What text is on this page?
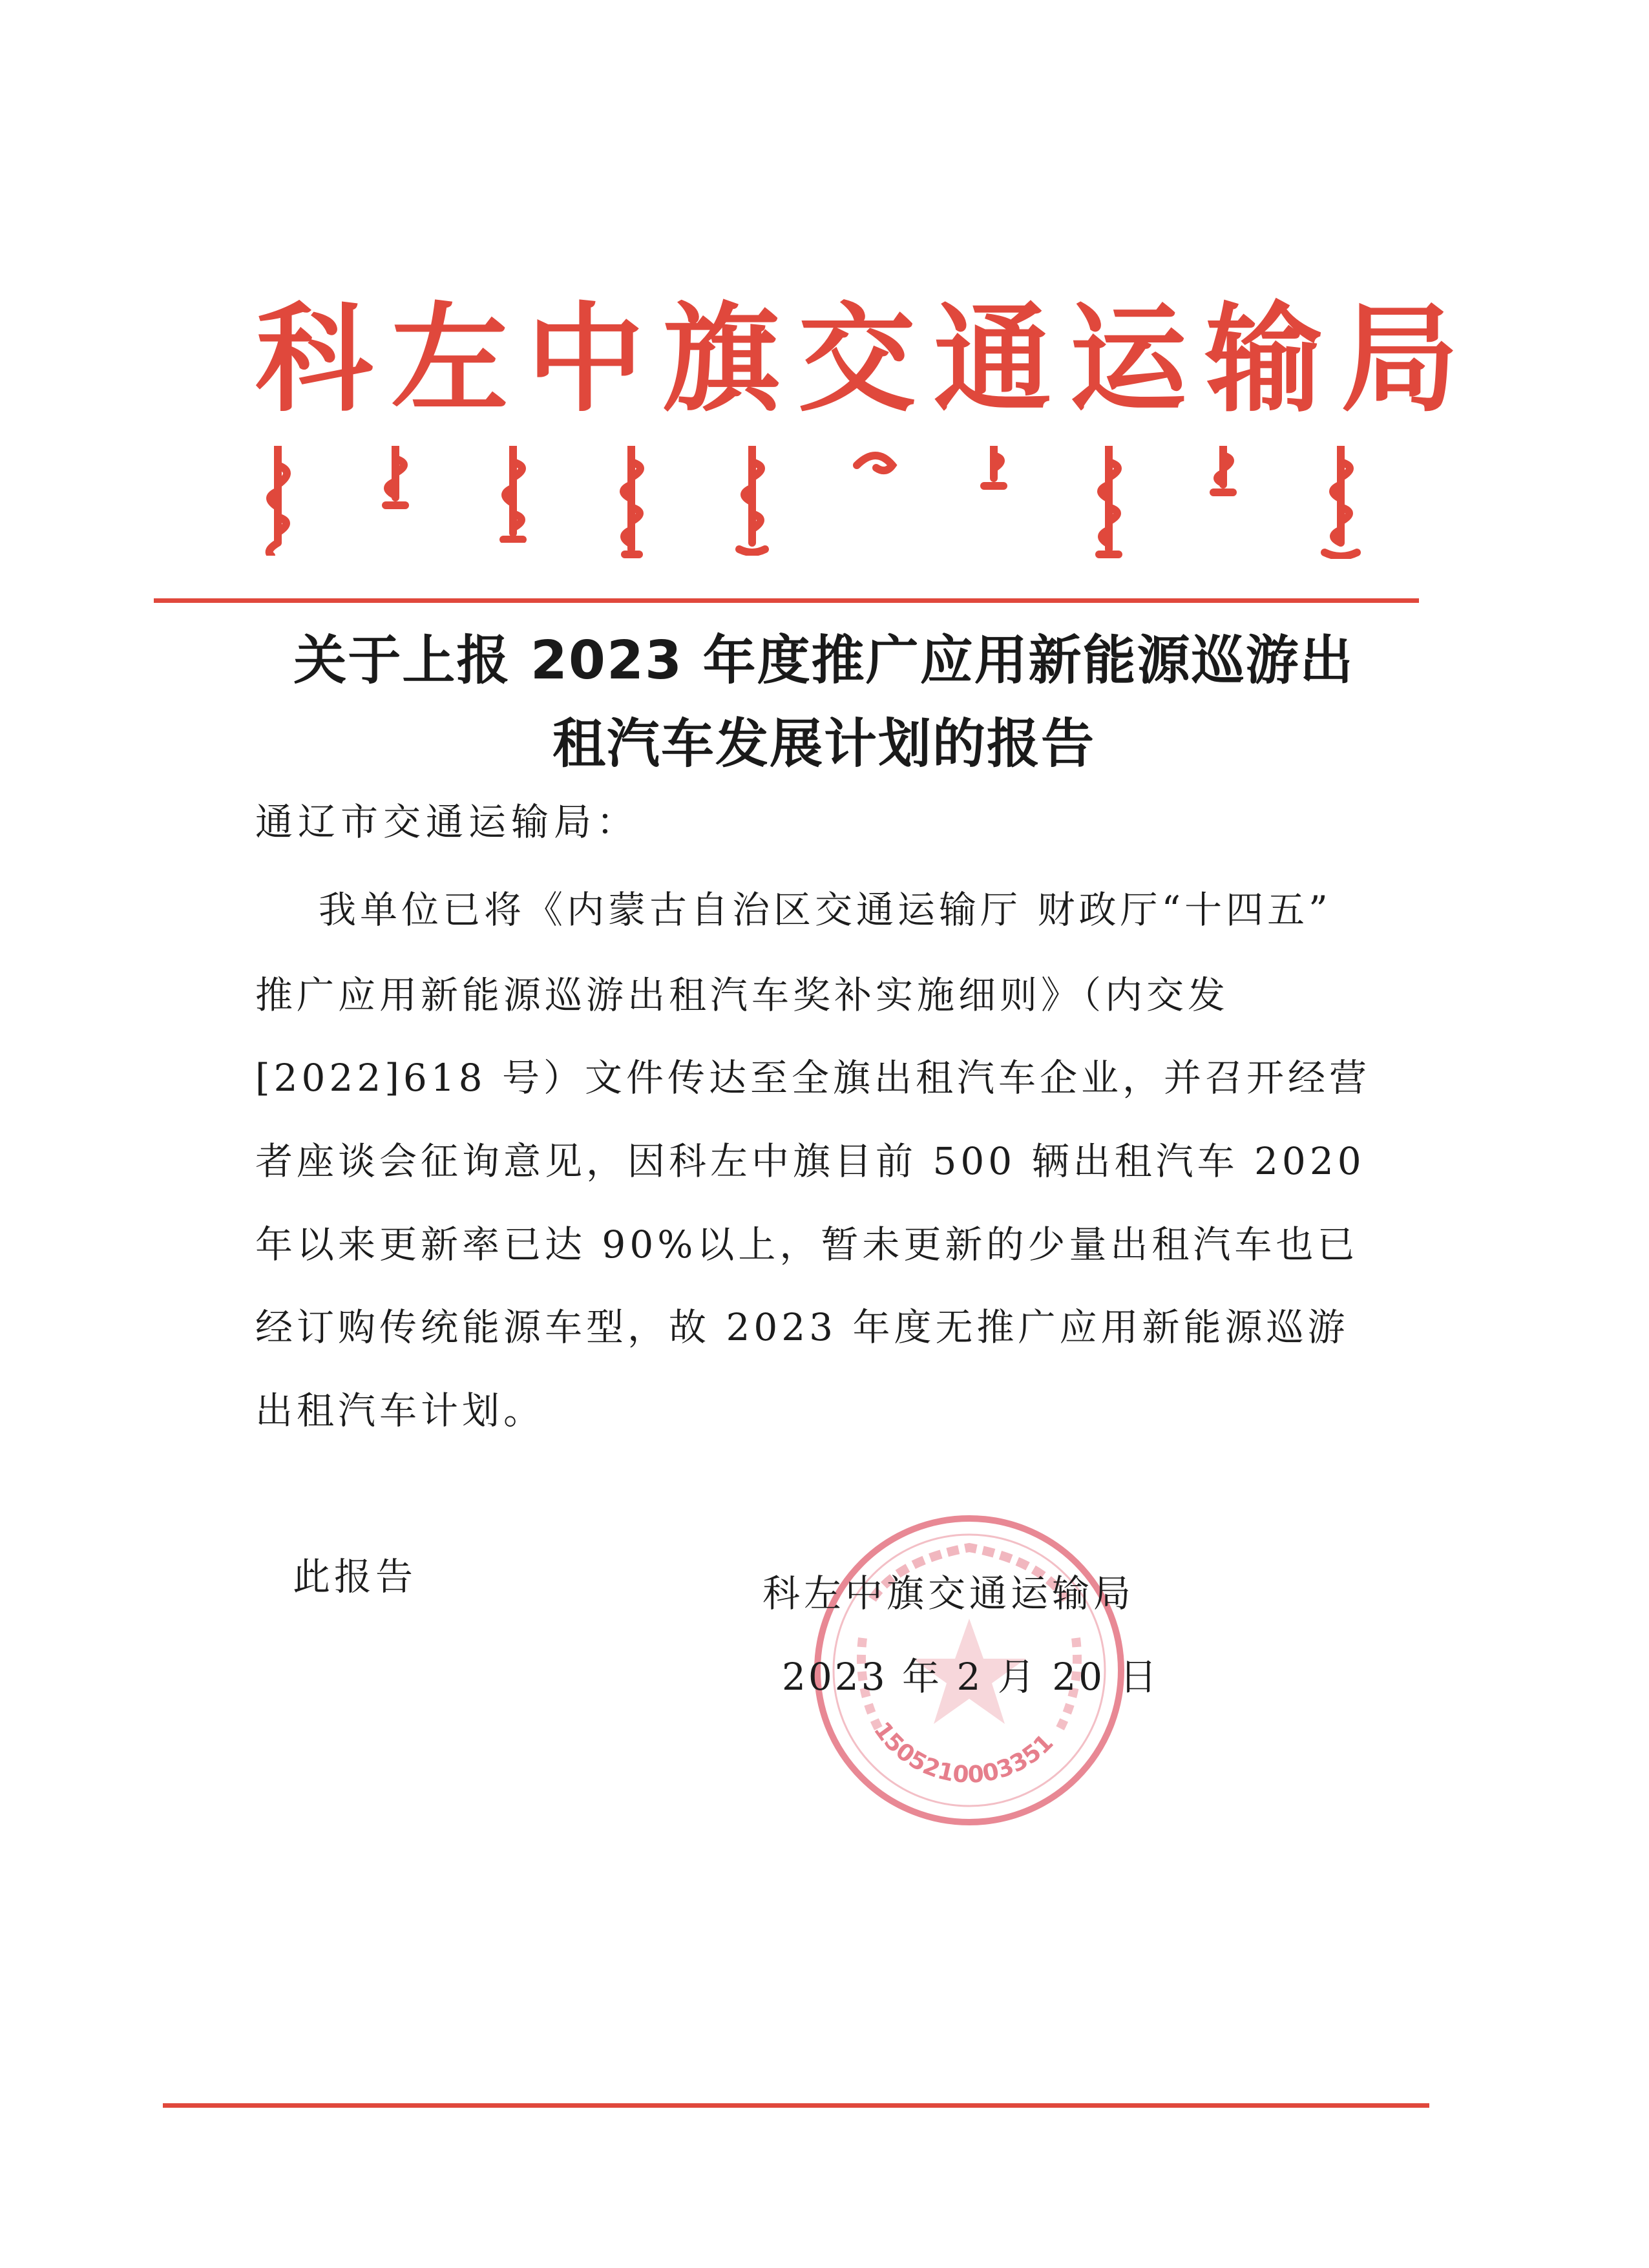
科左中旗交通运输局
关于上报 2023 年度推广应用新能源巡游出
租汽车发展计划的报告
通辽市交通运输局：
我单位已将《内蒙古自治区交通运输厅 财政厅“十四五”
推广应用新能源巡游出租汽车奖补实施细则》（内交发
[2022]618 号）文件传达至全旗出租汽车企业，并召开经营
者座谈会征询意见，因科左中旗目前 500 辆出租汽车 2020
年以来更新率已达 90%以上，暂未更新的少量出租汽车也已
经订购传统能源车型，故 2023 年度无推广应用新能源巡游
出租汽车计划。
此报告
1505210003351
科左中旗交通运输局
2023 年 2 月 20 日
